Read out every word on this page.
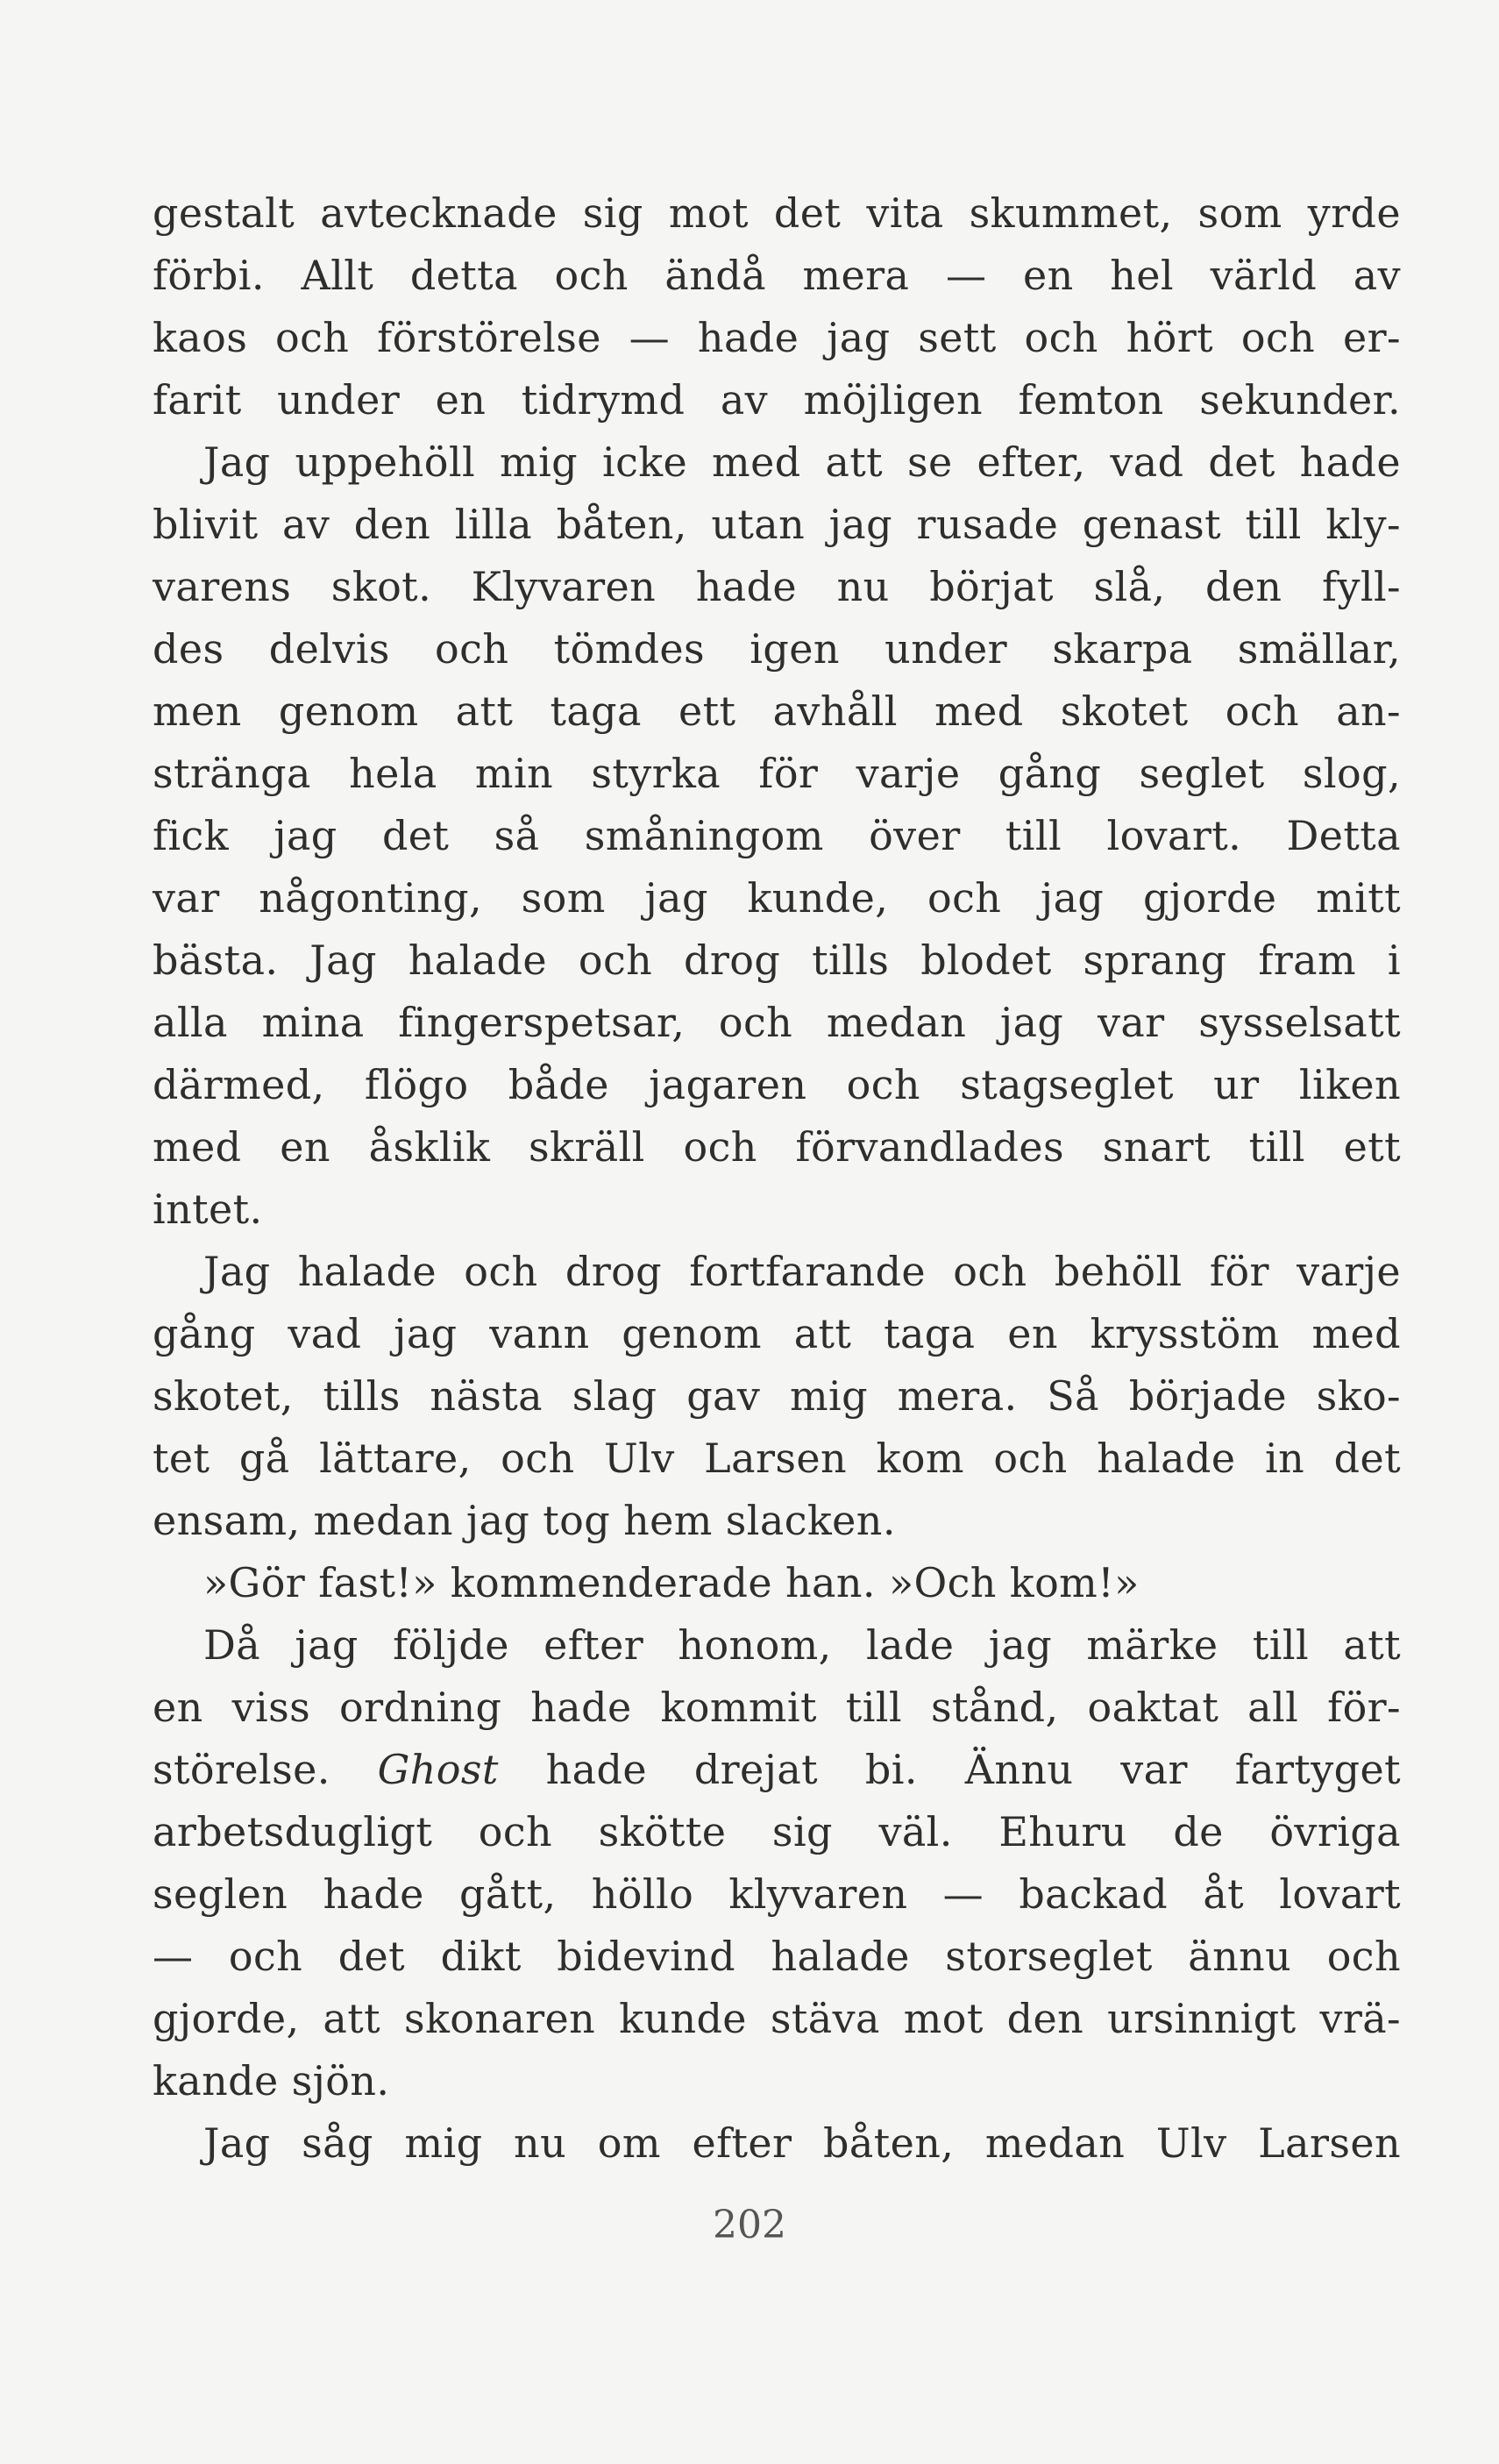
gestalt avtecknade sig mot det vita skummet, som yrde
förbi. Allt detta och ändå mera — en hel värld av
kaos och förstörelse — hade jag sett och hört och er-
farit under en tidrymd av möjligen femton sekunder.
Jag uppehöll mig icke med att se efter, vad det hade
blivit av den lilla båten, utan jag rusade genast till kly-
varens skot. Klyvaren hade nu börjat slå, den fyll-
des delvis och tömdes igen under skarpa smällar,
men genom att taga ett avhåll med skotet och an-
stränga hela min styrka för varje gång seglet slog,
fick jag det så småningom över till lovart. Detta
var någonting, som jag kunde, och jag gjorde mitt
bästa. Jag halade och drog tills blodet sprang fram i
alla mina fingerspetsar, och medan jag var sysselsatt
därmed, flögo både jagaren och stagseglet ur liken
med en åsklik skräll och förvandlades snart till ett
intet.
Jag halade och drog fortfarande och behöll för varje
gång vad jag vann genom att taga en krysstöm med
skotet, tills nästa slag gav mig mera. Så började sko-
tet gå lättare, och Ulv Larsen kom och halade in det
ensam, medan jag tog hem slacken.
»Gör fast!» kommenderade han. »Och kom!»
Då jag följde efter honom, lade jag märke till att
en viss ordning hade kommit till stånd, oaktat all för-
störelse. Ghost hade drejat bi. Ännu var fartyget
arbetsdugligt och skötte sig väl. Ehuru de övriga
seglen hade gått, höllo klyvaren — backad åt lovart
— och det dikt bidevind halade storseglet ännu och
gjorde, att skonaren kunde stäva mot den ursinnigt vrä-
kande sjön.
Jag såg mig nu om efter båten, medan Ulv Larsen
202
